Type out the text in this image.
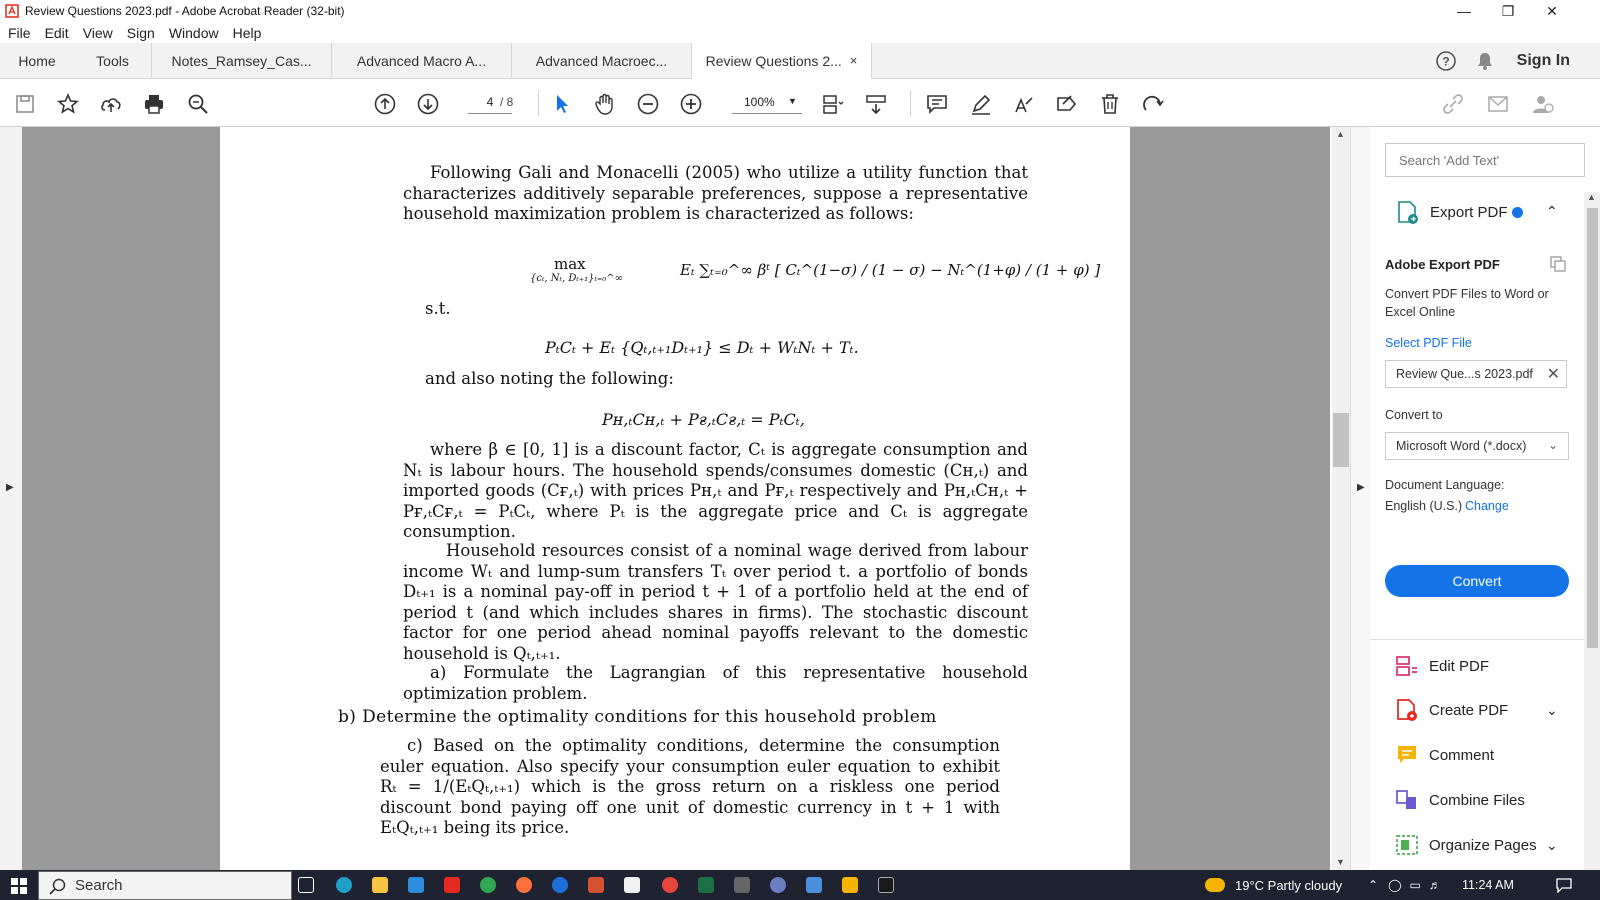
Review Questions 2023.pdf - Adobe Acrobat Reader (32-bit)	—	❐	✕
File Edit View Sign Window Help
Home	Tools	Notes_Ramsey_Cas...	Advanced Macro A...	Advanced Macroec...	Review Questions 2... ×	?	Sign In
4 / 8	100%	▼
▶
Following Gali and Monacelli (2005) who utilize a utility function that characterizes additively separable preferences, suppose a representative household maximization problem is characterized as follows:
max
{cₜ, Nₜ, Dₜ₊₁}ₜ₌₀^∞	Eₜ ∑ₜ₌₀^∞ βᵗ [ Cₜ^(1−σ) / (1 − σ) − Nₜ^(1+φ) / (1 + φ) ]
s.t.
PₜCₜ + Eₜ {Qₜ,ₜ₊₁Dₜ₊₁} ≤ Dₜ + WₜNₜ + Tₜ.
and also noting the following:
Pʜ,ₜCʜ,ₜ + Pғ,ₜCғ,ₜ = PₜCₜ,
where β ∈ [0, 1] is a discount factor, Cₜ is aggregate consumption and Nₜ is labour hours. The household spends/consumes domestic (Cʜ,ₜ) and imported goods (Cғ,ₜ) with prices Pʜ,ₜ and Pғ,ₜ respectively and Pʜ,ₜCʜ,ₜ + Pғ,ₜCғ,ₜ = PₜCₜ, where Pₜ is the aggregate price and Cₜ is aggregate consumption.
Household resources consist of a nominal wage derived from labour income Wₜ and lump-sum transfers Tₜ over period t. a portfolio of bonds Dₜ₊₁ is a nominal pay-off in period t + 1 of a portfolio held at the end of period t (and which includes shares in firms). The stochastic discount factor for one period ahead nominal payoffs relevant to the domestic household is Qₜ,ₜ₊₁.
a) Formulate the Lagrangian of this representative household optimization problem.
b) Determine the optimality conditions for this household problem
c) Based on the optimality conditions, determine the consumption euler equation. Also specify your consumption euler equation to exhibit Rₜ = 1/(EₜQₜ,ₜ₊₁) which is the gross return on a riskless one period discount bond paying off one unit of domestic currency in t + 1 with EₜQₜ,ₜ₊₁ being its price.
▲
▼
▶
Search 'Add Text'
Export PDF	⌃
Adobe Export PDF
Convert PDF Files to Word or Excel Online
Select PDF File
Review Que...s 2023.pdf ✕
Convert to
Microsoft Word (*.docx) ⌄
Document Language:
English (U.S.) Change
Convert
Edit PDF
Create PDF	⌄
Comment
Combine Files
Organize Pages ⌄
▲
Search	19°C Partly cloudy ⌃ ◯ ▭ ♬ 11:24 AM
